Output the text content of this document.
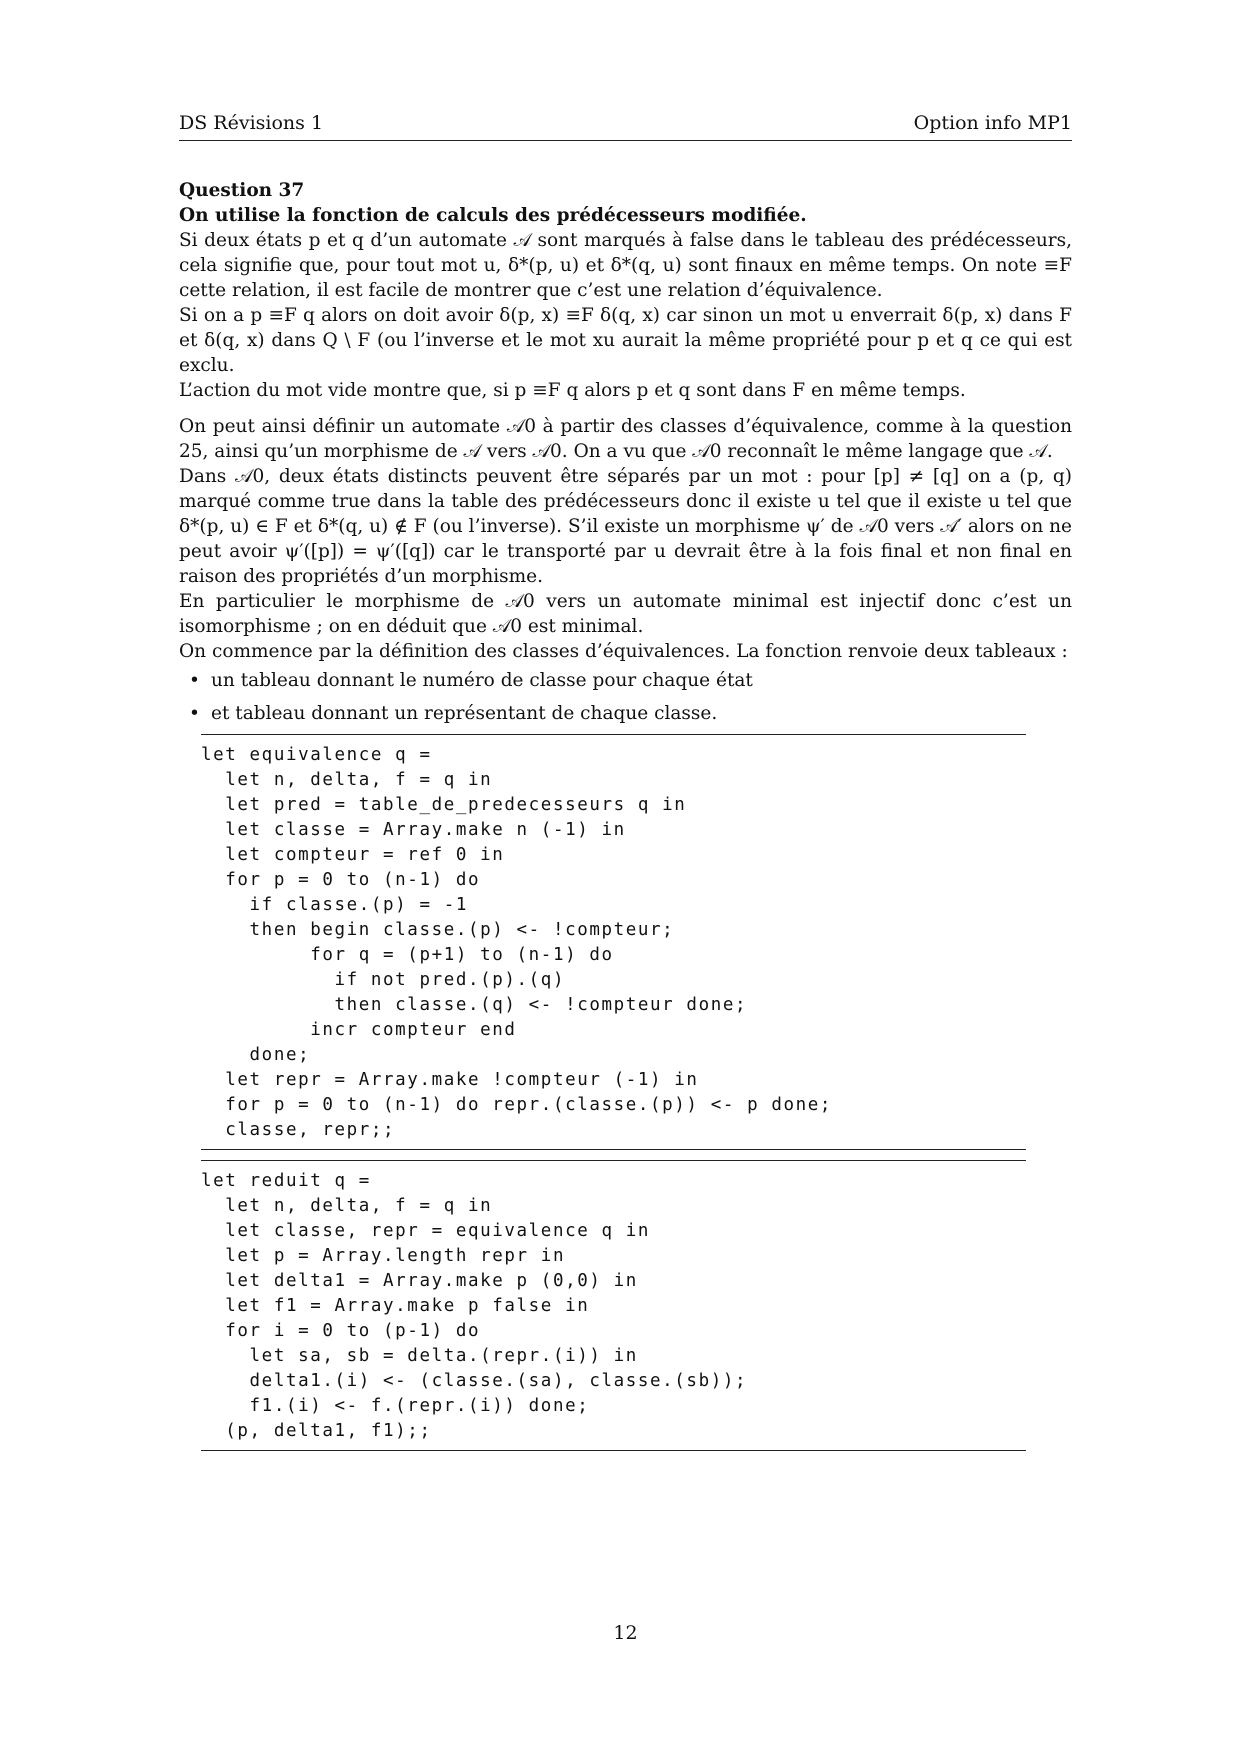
DS Révisions 1	Option info MP1
Question 37
On utilise la fonction de calculs des prédécesseurs modifiée.

Si deux états p et q d’un automate 𝒜 sont marqués à false dans le tableau des prédécesseurs, cela signifie que, pour tout mot u, δ*(p, u) et δ*(q, u) sont finaux en même temps. On note ≡F cette relation, il est facile de montrer que c’est une relation d’équivalence.

Si on a p ≡F q alors on doit avoir δ(p, x) ≡F δ(q, x) car sinon un mot u enverrait δ(p, x) dans F et δ(q, x) dans Q \ F (ou l’inverse et le mot xu aurait la même propriété pour p et q ce qui est exclu.

L’action du mot vide montre que, si p ≡F q alors p et q sont dans F en même temps.

On peut ainsi définir un automate 𝒜0 à partir des classes d’équivalence, comme à la question 25, ainsi qu’un morphisme de 𝒜 vers 𝒜0. On a vu que 𝒜0 reconnaît le même langage que 𝒜.

Dans 𝒜0, deux états distincts peuvent être séparés par un mot : pour [p] ≠ [q] on a (p, q) marqué comme true dans la table des prédécesseurs donc il existe u tel que il existe u tel que δ*(p, u) ∈ F et δ*(q, u) ∉ F (ou l’inverse). S’il existe un morphisme ψ′ de 𝒜0 vers 𝒜′ alors on ne peut avoir ψ′([p]) = ψ′([q]) car le transporté par u devrait être à la fois final et non final en raison des propriétés d’un morphisme.

En particulier le morphisme de 𝒜0 vers un automate minimal est injectif donc c’est un isomorphisme ; on en déduit que 𝒜0 est minimal.

On commence par la définition des classes d’équivalences. La fonction renvoie deux tableaux :

• un tableau donnant le numéro de classe pour chaque état
• et tableau donnant un représentant de chaque classe.
let equivalence q =
let n, delta, f = q in
let pred = table_de_predecesseurs q in
let classe = Array.make n (-1) in
let compteur = ref 0 in
for p = 0 to (n-1) do
if classe.(p) = -1
then begin classe.(p) <- !compteur;
for q = (p+1) to (n-1) do
if not pred.(p).(q)
then classe.(q) <- !compteur done;
incr compteur end
done;
let repr = Array.make !compteur (-1) in
for p = 0 to (n-1) do repr.(classe.(p)) <- p done;
classe, repr;;
let reduit q =
let n, delta, f = q in
let classe, repr = equivalence q in
let p = Array.length repr in
let delta1 = Array.make p (0,0) in
let f1 = Array.make p false in
for i = 0 to (p-1) do
let sa, sb = delta.(repr.(i)) in
delta1.(i) <- (classe.(sa), classe.(sb));
f1.(i) <- f.(repr.(i)) done;
(p, delta1, f1);;
12
